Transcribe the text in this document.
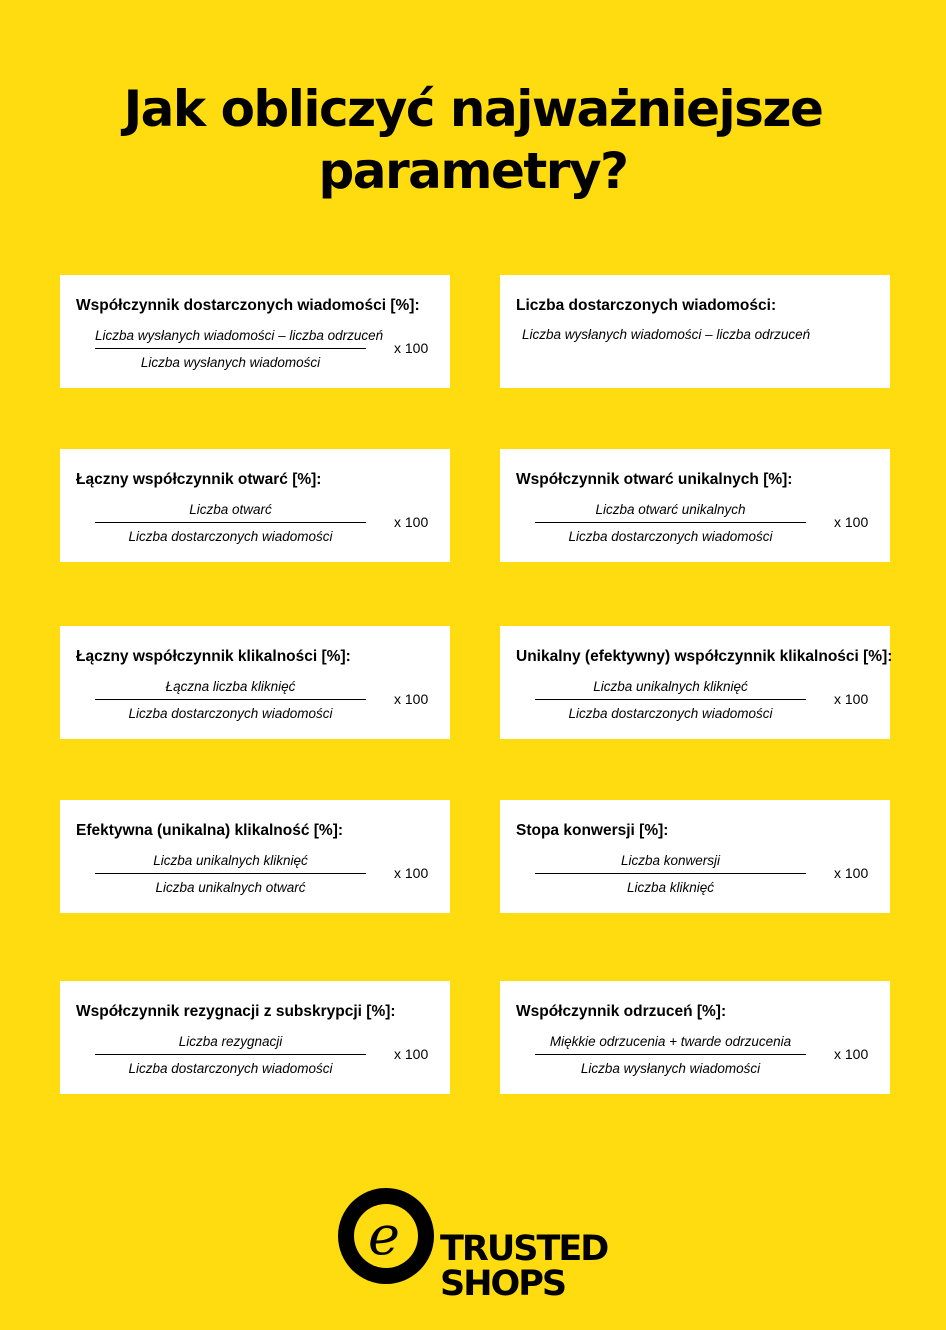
Jak obliczyć najważniejsze
parametry?
Współczynnik dostarczonych wiadomości [%]:
Liczba wysłanych wiadomości – liczba odrzuceń
Liczba wysłanych wiadomości
x 100
Liczba dostarczonych wiadomości:
Liczba wysłanych wiadomości – liczba odrzuceń
Łączny współczynnik otwarć [%]:
Liczba otwarć
Liczba dostarczonych wiadomości
x 100
Współczynnik otwarć unikalnych [%]:
Liczba otwarć unikalnych
Liczba dostarczonych wiadomości
x 100
Łączny współczynnik klikalności [%]:
Łączna liczba kliknięć
Liczba dostarczonych wiadomości
x 100
Unikalny (efektywny) współczynnik klikalności [%]:
Liczba unikalnych kliknięć
Liczba dostarczonych wiadomości
x 100
Efektywna (unikalna) klikalność [%]:
Liczba unikalnych kliknięć
Liczba unikalnych otwarć
x 100
Stopa konwersji [%]:
Liczba konwersji
Liczba kliknięć
x 100
Współczynnik rezygnacji z subskrypcji [%]:
Liczba rezygnacji
Liczba dostarczonych wiadomości
x 100
Współczynnik odrzuceń [%]:
Miękkie odrzucenia + twarde odrzucenia
Liczba wysłanych wiadomości
x 100
e TRUSTED
SHOPS
